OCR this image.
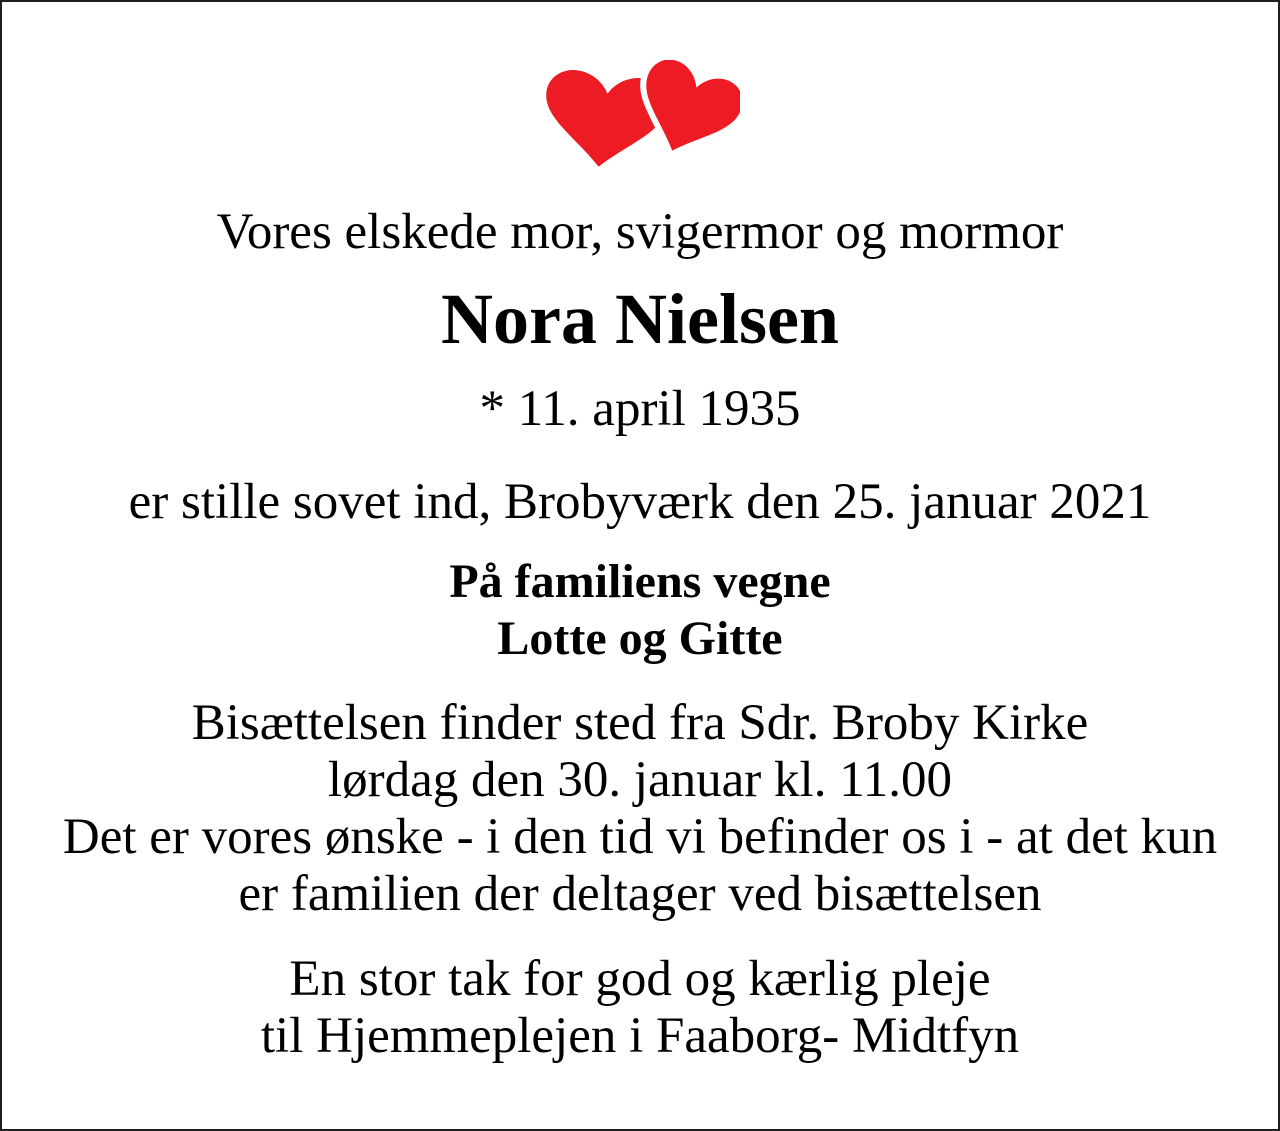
Vores elskede mor, svigermor og mormor
Nora Nielsen
* 11. april 1935
er stille sovet ind, Brobyværk den 25. januar 2021
På familiens vegne
Lotte og Gitte
Bisættelsen finder sted fra Sdr. Broby Kirke
lørdag den 30. januar kl. 11.00
Det er vores ønske - i den tid vi befinder os i - at det kun
er familien der deltager ved bisættelsen
En stor tak for god og kærlig pleje
til Hjemmeplejen i Faaborg- Midtfyn
